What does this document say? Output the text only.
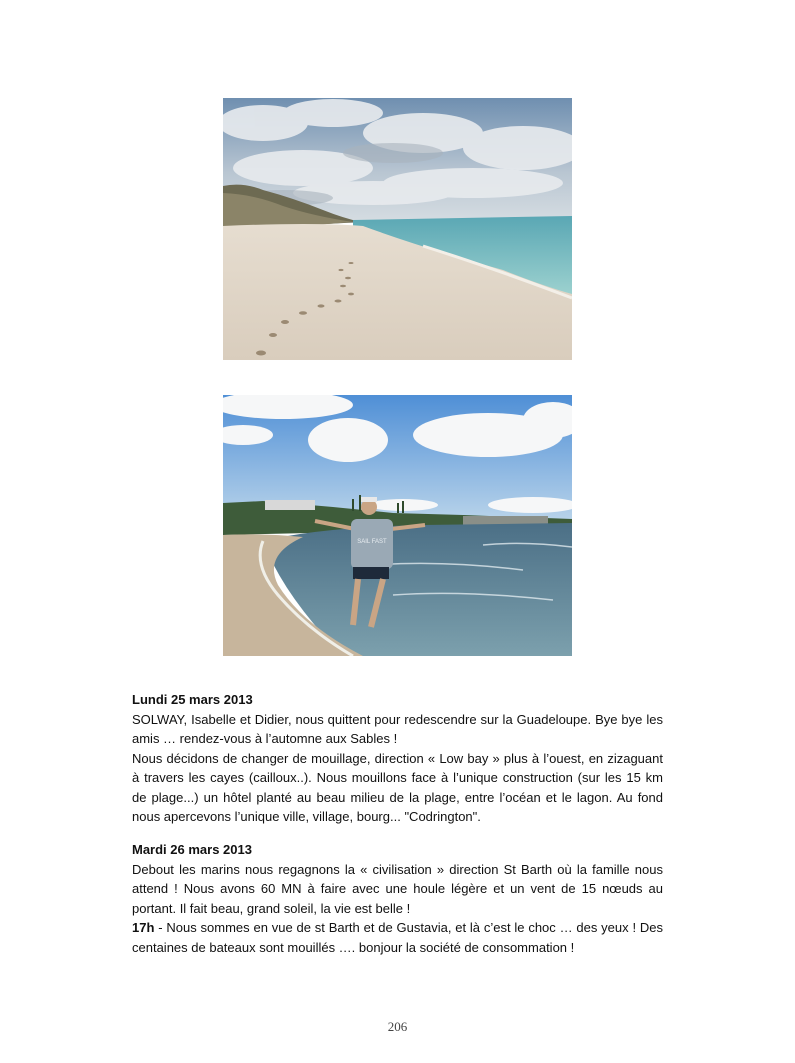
SAIL FAST

Lundi 25 mars 2013

SOLWAY, Isabelle et Didier, nous quittent pour redescendre sur la Guadeloupe. Bye bye les amis … rendez-vous à l’automne aux Sables !

Nous décidons de changer de mouillage, direction « Low bay » plus à l’ouest, en zizaguant à travers les cayes (cailloux..). Nous mouillons face à l’unique construction (sur les 15 km de plage...) un hôtel planté au beau milieu de la plage, entre l’océan et le lagon. Au fond nous apercevons l’unique ville, village, bourg... "Codrington".

Mardi 26 mars 2013

Debout les marins nous regagnons la « civilisation » direction St Barth où la famille nous attend ! Nous avons 60 MN à faire avec une houle légère et un vent de 15 nœuds au portant. Il fait beau, grand soleil, la vie est belle !

17h - Nous sommes en vue de st Barth et de Gustavia, et là c’est le choc … des yeux ! Des centaines de bateaux sont mouillés …. bonjour la société de consommation !

206
